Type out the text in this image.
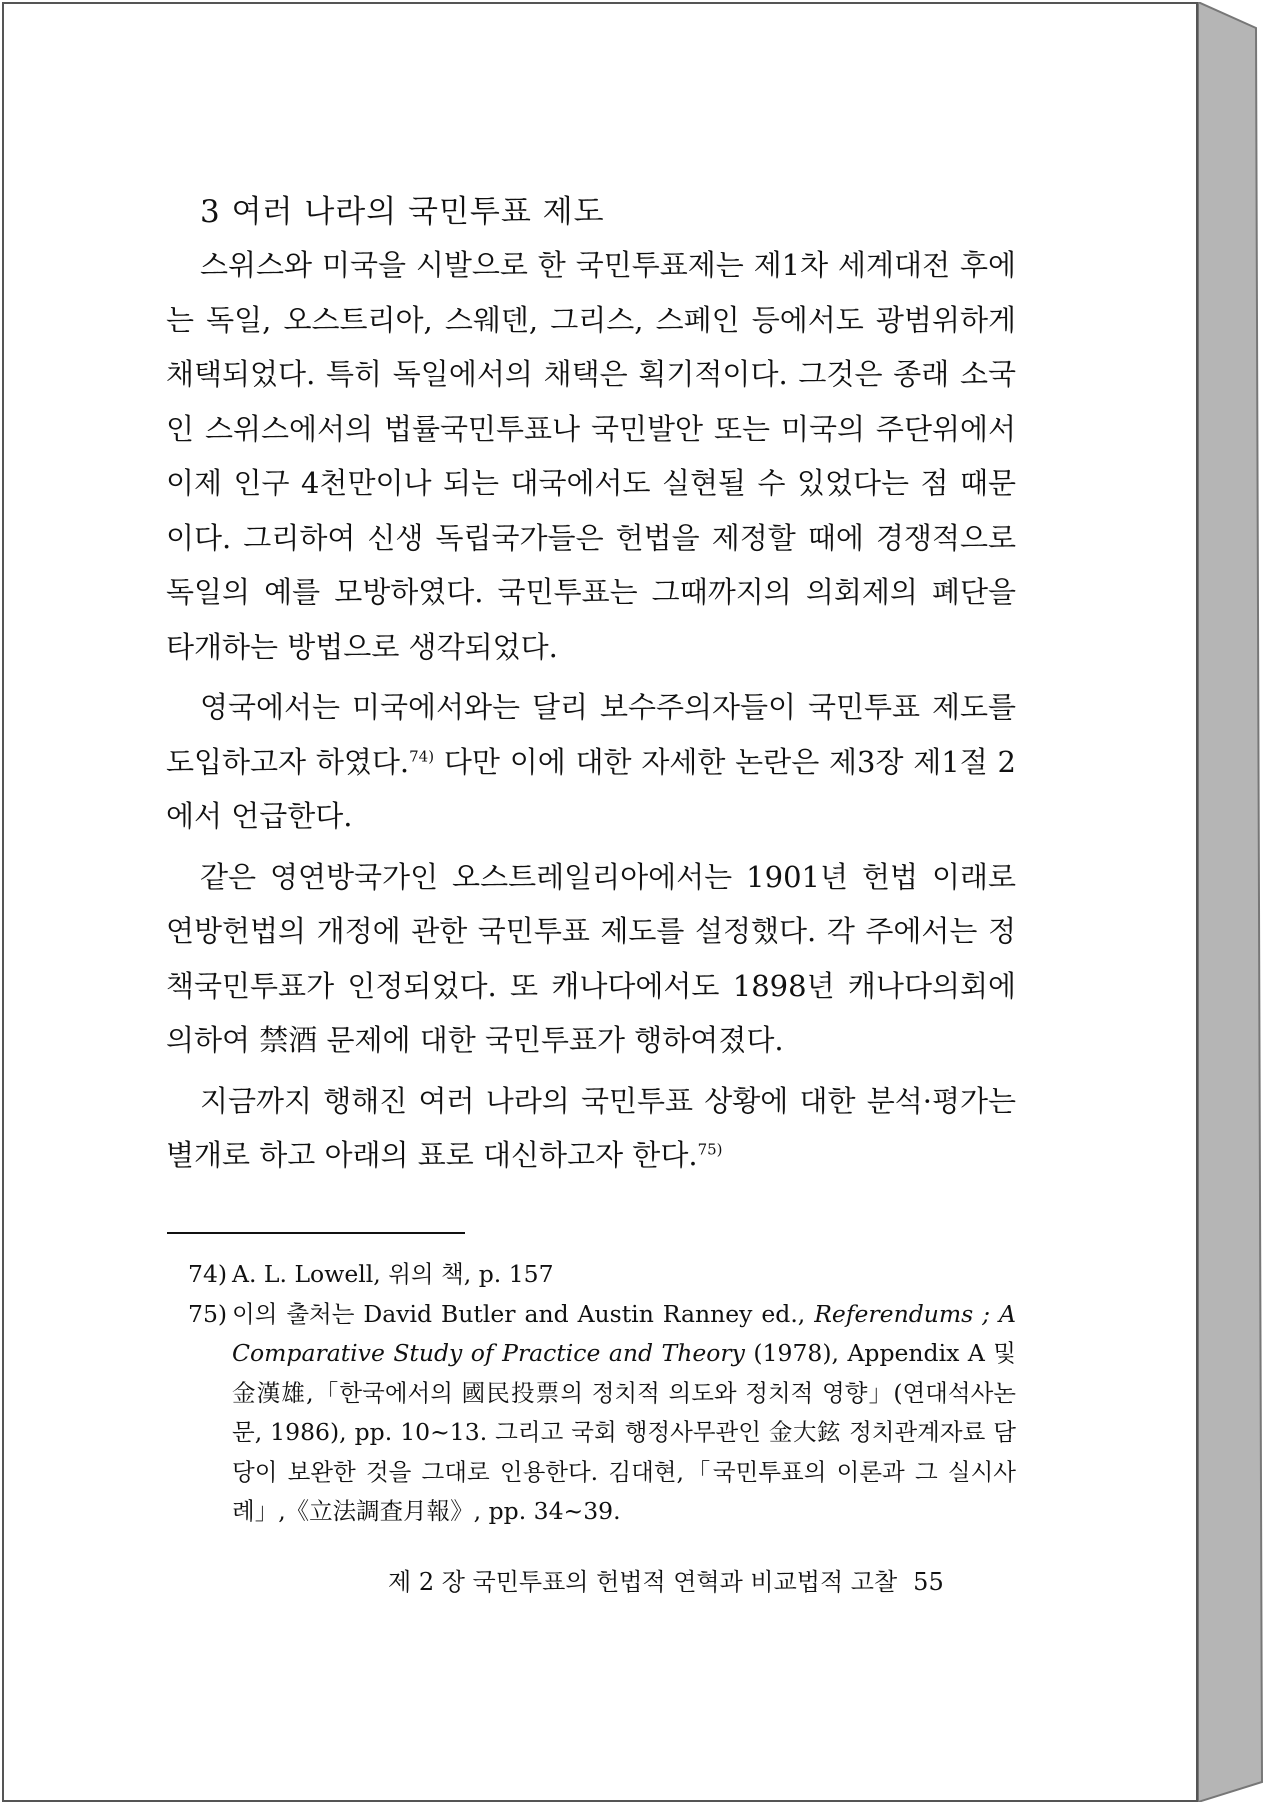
3 여러 나라의 국민투표 제도

스위스와 미국을 시발으로 한 국민투표제는 제1차 세계대전 후에는 독일, 오스트리아, 스웨덴, 그리스, 스페인 등에서도 광범위하게 채택되었다. 특히 독일에서의 채택은 획기적이다. 그것은 종래 소국인 스위스에서의 법률국민투표나 국민발안 또는 미국의 주단위에서 이제 인구 4천만이나 되는 대국에서도 실현될 수 있었다는 점 때문이다. 그리하여 신생 독립국가들은 헌법을 제정할 때에 경쟁적으로 독일의 예를 모방하였다. 국민투표는 그때까지의 의회제의 폐단을 타개하는 방법으로 생각되었다.

영국에서는 미국에서와는 달리 보수주의자들이 국민투표 제도를 도입하고자 하였다.$^{74)}$ 다만 이에 대한 자세한 논란은 제3장 제1절 2에서 언급한다.

같은 영연방국가인 오스트레일리아에서는 1901년 헌법 이래로 연방헌법의 개정에 관한 국민투표 제도를 설정했다. 각 주에서는 정책국민투표가 인정되었다. 또 캐나다에서도 1898년 캐나다의회에 의하여 禁酒 문제에 대한 국민투표가 행하여졌다.

지금까지 행해진 여러 나라의 국민투표 상황에 대한 분석·평가는 별개로 하고 아래의 표로 대신하고자 한다.$^{75)}$

74) A. L. Lowell, 위의 책, p. 157
75) 이의 출처는 David Butler and Austin Ranney ed., Referendums ; A Comparative Study of Practice and Theory (1978), Appendix A 및 金漢雄,「한국에서의 國民投票의 정치적 의도와 정치적 영향」(연대석사논문, 1986), pp. 10~13. 그리고 국회 행정사무관인 金大鉉 정치관계자료 담당이 보완한 것을 그대로 인용한다. 김대현,「국민투표의 이론과 그 실시사례」,《立法調査月報》, pp. 34~39.
제 2 장 국민투표의 헌법적 연혁과 비교법적 고찰 55
